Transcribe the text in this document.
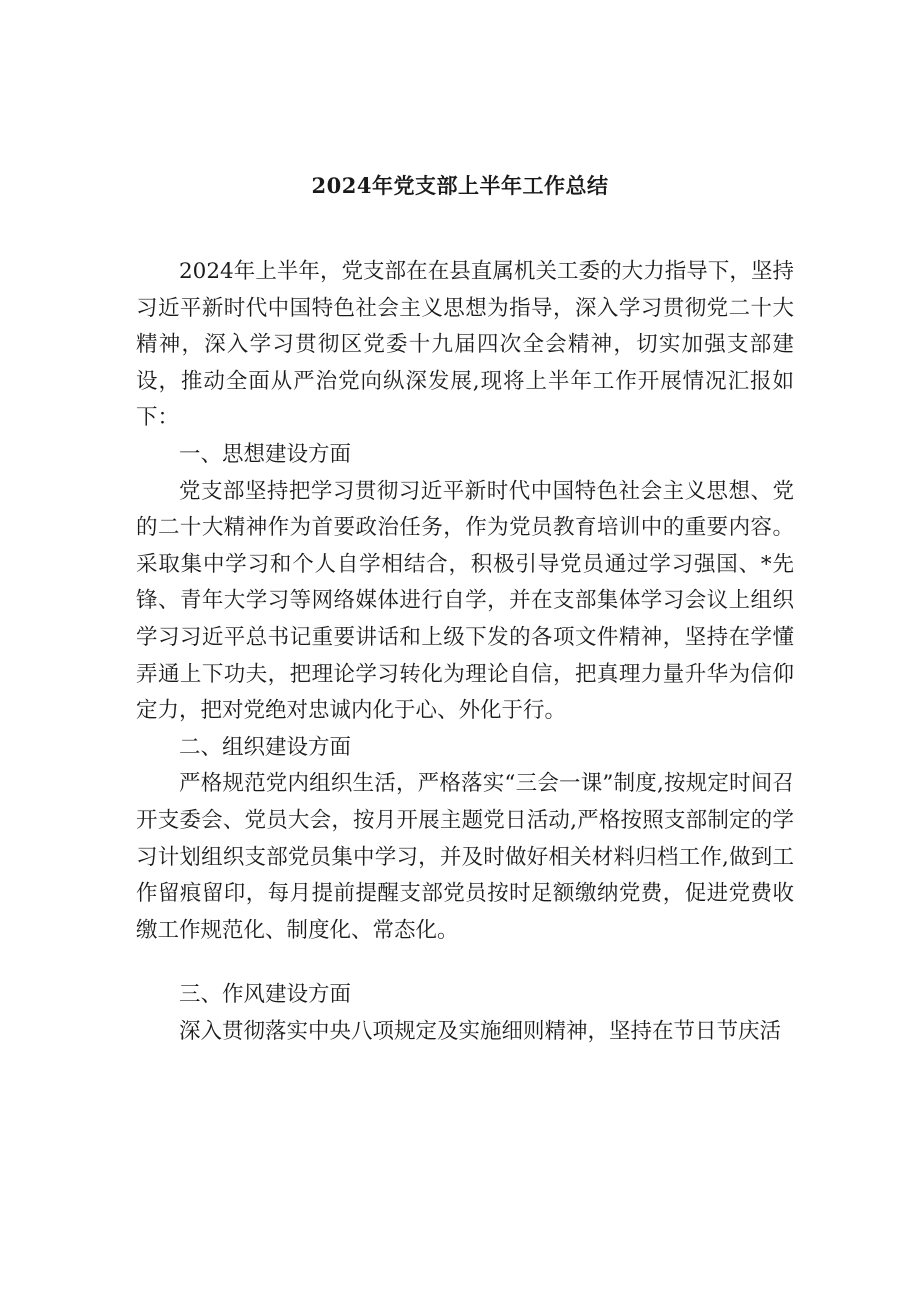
2024年党支部上半年工作总结

2024年上半年，党支部在在县直属机关工委的大力指导下，坚持习近平新时代中国特色社会主义思想为指导，深入学习贯彻党二十大精神，深入学习贯彻区党委十九届四次全会精神，切实加强支部建设，推动全面从严治党向纵深发展,现将上半年工作开展情况汇报如下：

一、思想建设方面

党支部坚持把学习贯彻习近平新时代中国特色社会主义思想、党的二十大精神作为首要政治任务，作为党员教育培训中的重要内容。采取集中学习和个人自学相结合，积极引导党员通过学习强国、*先锋、青年大学习等网络媒体进行自学，并在支部集体学习会议上组织学习习近平总书记重要讲话和上级下发的各项文件精神，坚持在学懂弄通上下功夫，把理论学习转化为理论自信，把真理力量升华为信仰定力，把对党绝对忠诚内化于心、外化于行。

二、组织建设方面

严格规范党内组织生活，严格落实“三会一课”制度,按规定时间召开支委会、党员大会，按月开展主题党日活动,严格按照支部制定的学习计划组织支部党员集中学习，并及时做好相关材料归档工作,做到工作留痕留印，每月提前提醒支部党员按时足额缴纳党费，促进党费收缴工作规范化、制度化、常态化。

三、作风建设方面

深入贯彻落实中央八项规定及实施细则精神，坚持在节日节庆活
